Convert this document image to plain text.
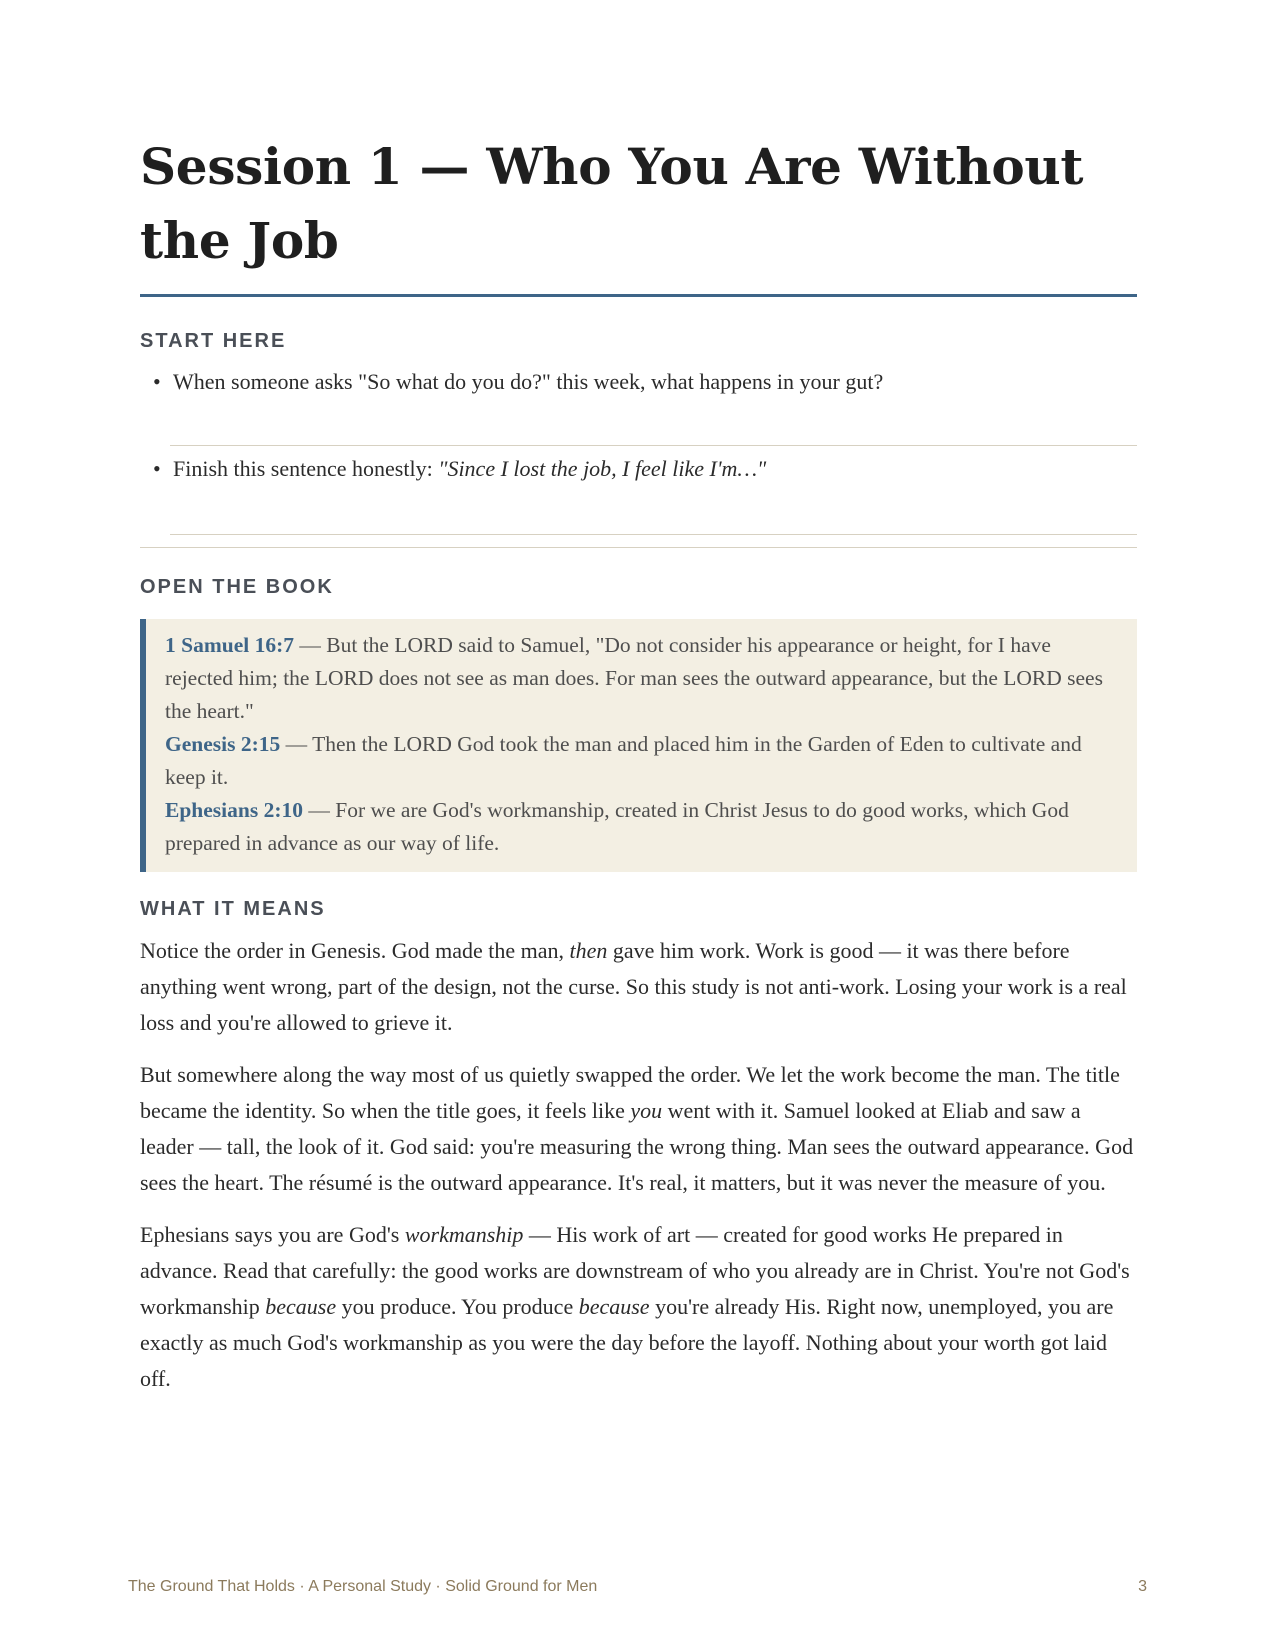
Session 1 — Who You Are Without the Job
START HERE
• When someone asks "So what do you do?" this week, what happens in your gut?
• Finish this sentence honestly: "Since I lost the job, I feel like I'm…"
OPEN THE BOOK
1 Samuel 16:7 — But the LORD said to Samuel, "Do not consider his appearance or height, for I have rejected him; the LORD does not see as man does. For man sees the outward appearance, but the LORD sees the heart."
Genesis 2:15 — Then the LORD God took the man and placed him in the Garden of Eden to cultivate and keep it.
Ephesians 2:10 — For we are God's workmanship, created in Christ Jesus to do good works, which God prepared in advance as our way of life.
WHAT IT MEANS

Notice the order in Genesis. God made the man, then gave him work. Work is good — it was there before anything went wrong, part of the design, not the curse. So this study is not anti-work. Losing your work is a real loss and you're allowed to grieve it.

But somewhere along the way most of us quietly swapped the order. We let the work become the man. The title became the identity. So when the title goes, it feels like you went with it. Samuel looked at Eliab and saw a leader — tall, the look of it. God said: you're measuring the wrong thing. Man sees the outward appearance. God sees the heart. The résumé is the outward appearance. It's real, it matters, but it was never the measure of you.

Ephesians says you are God's workmanship — His work of art — created for good works He prepared in advance. Read that carefully: the good works are downstream of who you already are in Christ. You're not God's workmanship because you produce. You produce because you're already His. Right now, unemployed, you are exactly as much God's workmanship as you were the day before the layoff. Nothing about your worth got laid off.

The Ground That Holds · A Personal Study · Solid Ground for Men	3
